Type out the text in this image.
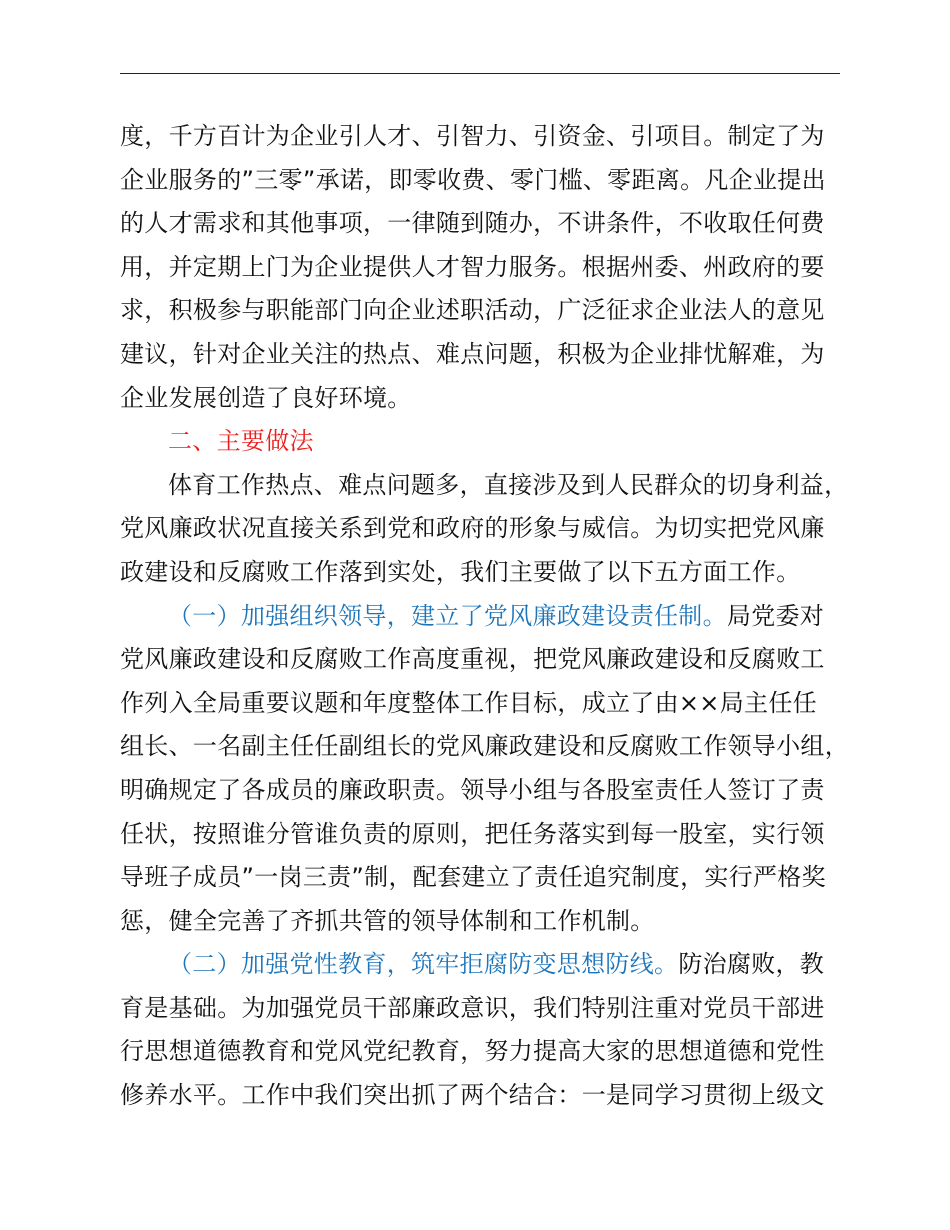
度，千方百计为企业引人才、引智力、引资金、引项目。制定了为
企业服务的”三零”承诺，即零收费、零门槛、零距离。凡企业提出
的人才需求和其他事项，一律随到随办，不讲条件，不收取任何费
用，并定期上门为企业提供人才智力服务。根据州委、州政府的要
求，积极参与职能部门向企业述职活动，广泛征求企业法人的意见
建议，针对企业关注的热点、难点问题，积极为企业排忧解难，为
企业发展创造了良好环境。
二、主要做法
体育工作热点、难点问题多，直接涉及到人民群众的切身利益，
党风廉政状况直接关系到党和政府的形象与威信。为切实把党风廉
政建设和反腐败工作落到实处，我们主要做了以下五方面工作。
（一）加强组织领导，建立了党风廉政建设责任制。局党委对
党风廉政建设和反腐败工作高度重视，把党风廉政建设和反腐败工
作列入全局重要议题和年度整体工作目标，成立了由××局主任任
组长、一名副主任任副组长的党风廉政建设和反腐败工作领导小组，
明确规定了各成员的廉政职责。领导小组与各股室责任人签订了责
任状，按照谁分管谁负责的原则，把任务落实到每一股室，实行领
导班子成员”一岗三责”制，配套建立了责任追究制度，实行严格奖
惩，健全完善了齐抓共管的领导体制和工作机制。
（二）加强党性教育，筑牢拒腐防变思想防线。防治腐败，教
育是基础。为加强党员干部廉政意识，我们特别注重对党员干部进
行思想道德教育和党风党纪教育，努力提高大家的思想道德和党性
修养水平。工作中我们突出抓了两个结合：一是同学习贯彻上级文
